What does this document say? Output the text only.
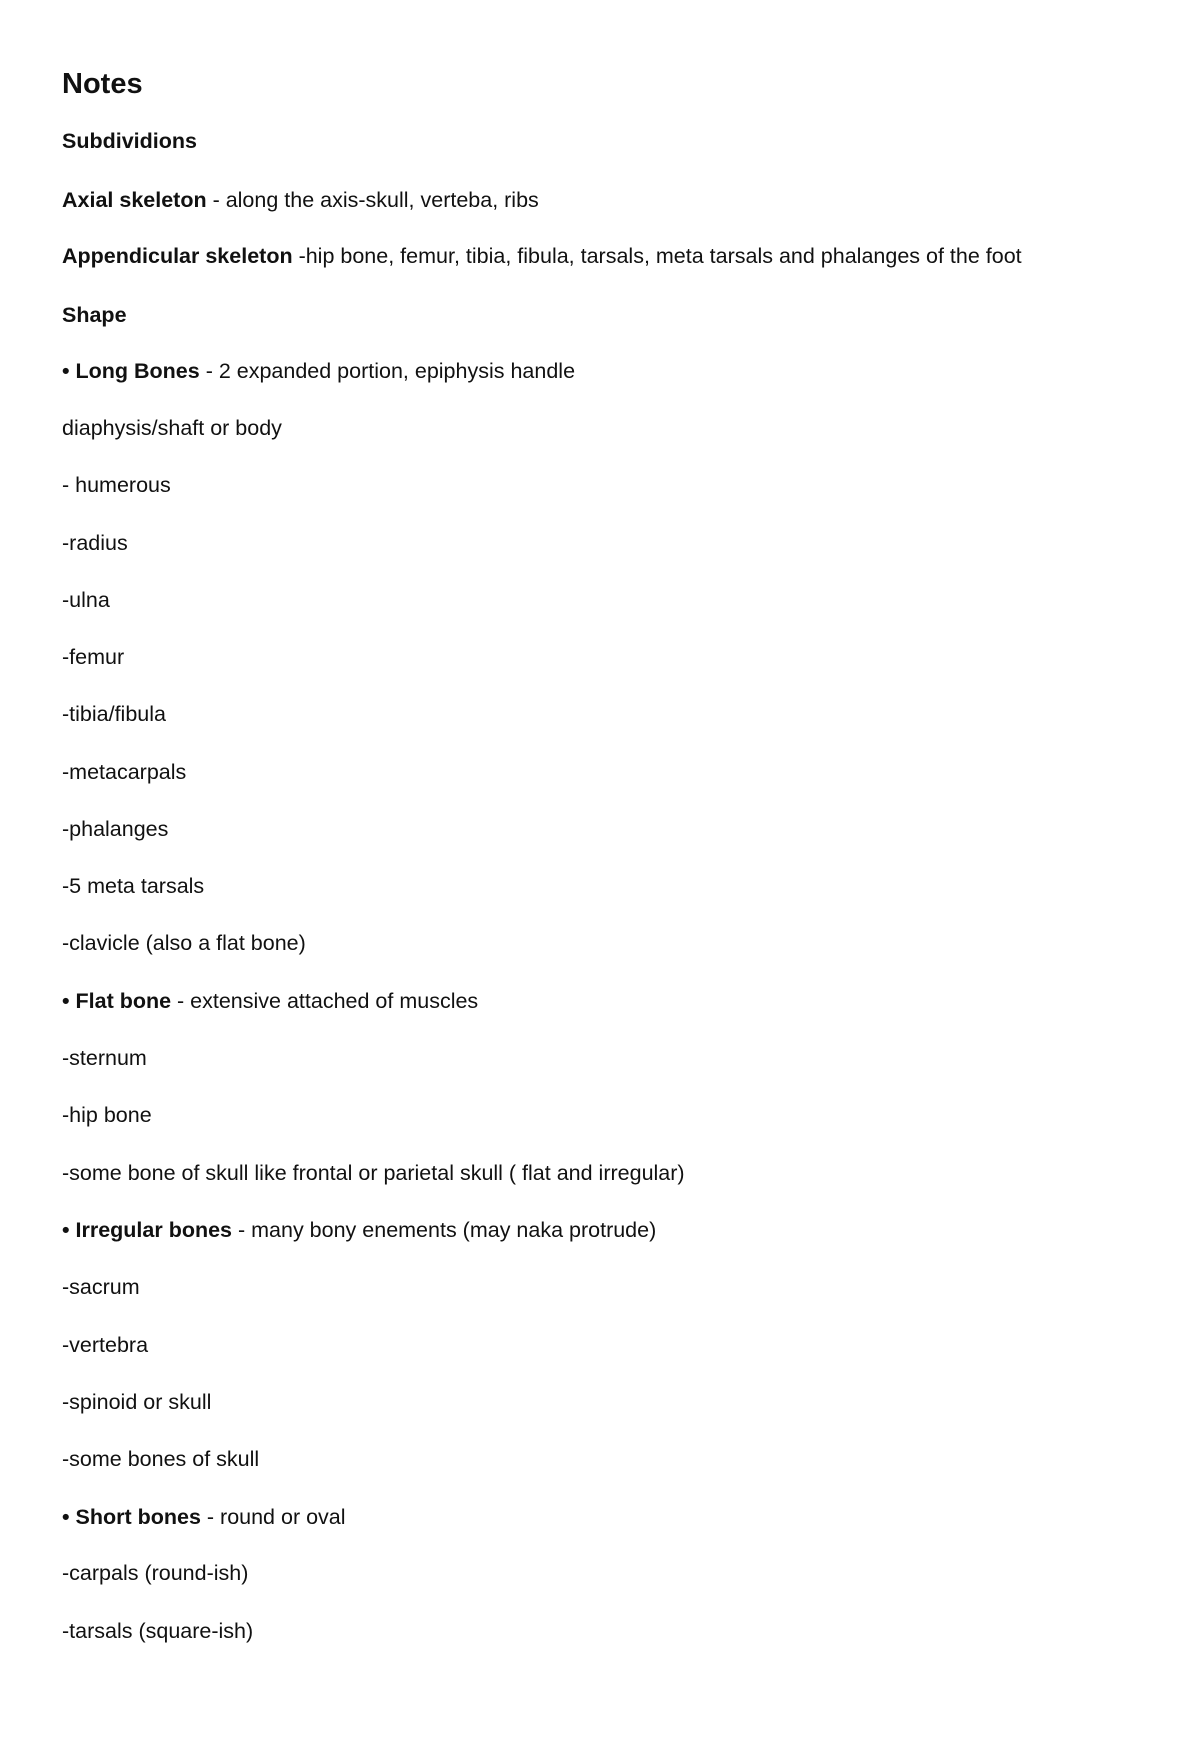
Notes

Subdividions

Axial skeleton - along the axis-skull, verteba, ribs

Appendicular skeleton -hip bone, femur, tibia, fibula, tarsals, meta tarsals and phalanges of the foot

Shape

• Long Bones - 2 expanded portion, epiphysis handle

diaphysis/shaft or body

- humerous

-radius

-ulna

-femur

-tibia/fibula

-metacarpals

-phalanges

-5 meta tarsals

-clavicle (also a flat bone)

• Flat bone - extensive attached of muscles

-sternum

-hip bone

-some bone of skull like frontal or parietal skull ( flat and irregular)

• Irregular bones - many bony enements (may naka protrude)

-sacrum

-vertebra

-spinoid or skull

-some bones of skull

• Short bones - round or oval

-carpals (round-ish)

-tarsals (square-ish)
